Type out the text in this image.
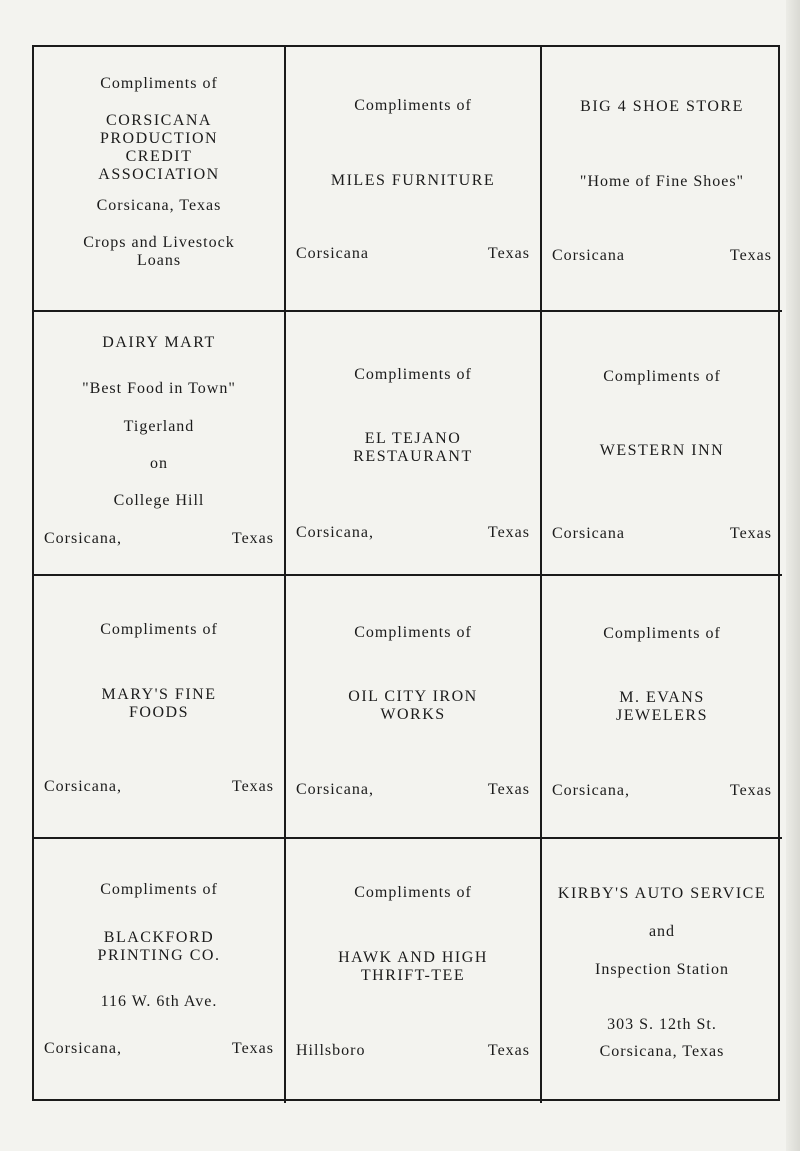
Compliments of
CORSICANA
PRODUCTION
CREDIT
ASSOCIATION
Corsicana, Texas
Crops and Livestock
Loans
Compliments of
MILES FURNITURE
Corsicana	Texas
BIG 4 SHOE STORE
"Home of Fine Shoes"
Corsicana	Texas
DAIRY MART
"Best Food in Town"
Tigerland
on
College Hill
Corsicana,	Texas
Compliments of
EL TEJANO
RESTAURANT
Corsicana,	Texas
Compliments of
WESTERN INN
Corsicana	Texas
Compliments of
MARY'S FINE
FOODS
Corsicana,	Texas
Compliments of
OIL CITY IRON
WORKS
Corsicana,	Texas
Compliments of
M. EVANS
JEWELERS
Corsicana,	Texas
Compliments of
BLACKFORD
PRINTING CO.
116 W. 6th Ave.
Corsicana,	Texas
Compliments of
HAWK AND HIGH
THRIFT-TEE
Hillsboro	Texas
KIRBY'S AUTO SERVICE
and
Inspection Station
303 S. 12th St.
Corsicana, Texas
